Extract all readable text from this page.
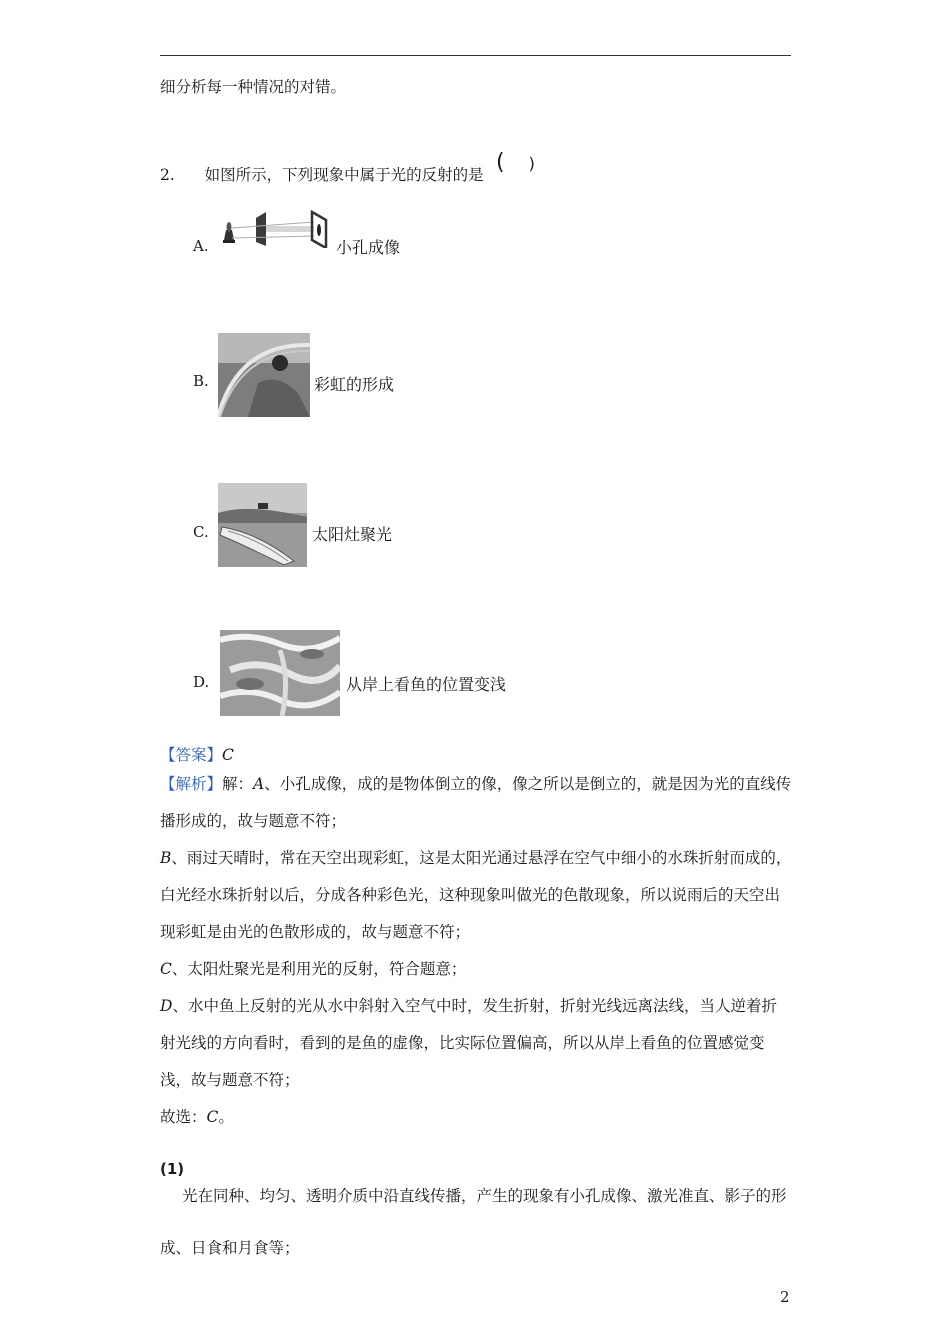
细分析每一种情况的对错。
2. 如图所示，下列现象中属于光的反射的是 ( )
A.	小孔成像
B.	彩虹的形成
C.	太阳灶聚光
D.	从岸上看鱼的位置变浅
【答案】C
【解析】解：A、小孔成像，成的是物体倒立的像，像之所以是倒立的，就是因为光的直线传播形成的，故与题意不符；
B、雨过天晴时，常在天空出现彩虹，这是太阳光通过悬浮在空气中细小的水珠折射而成的，白光经水珠折射以后，分成各种彩色光，这种现象叫做光的色散现象，所以说雨后的天空出现彩虹是由光的色散形成的，故与题意不符；
C、太阳灶聚光是利用光的反射，符合题意；
D、水中鱼上反射的光从水中斜射入空气中时，发生折射，折射光线远离法线，当人逆着折射光线的方向看时，看到的是鱼的虚像，比实际位置偏高，所以从岸上看鱼的位置感觉变浅，故与题意不符；
故选：C。
(1)
光在同种、均匀、透明介质中沿直线传播，产生的现象有小孔成像、激光准直、影子的形成、日食和月食等；
2
